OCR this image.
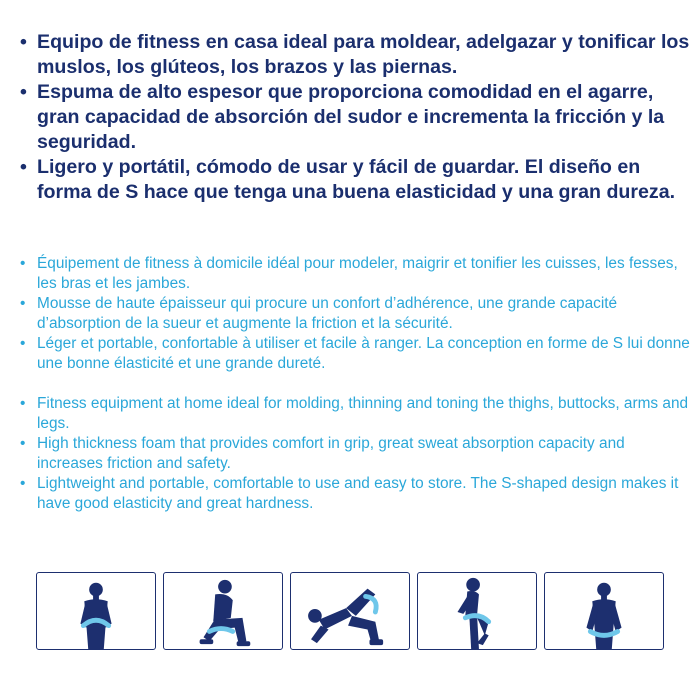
• Equipo de fitness en casa ideal para moldear, adelgazar y tonificar los muslos, los glúteos, los brazos y las piernas.
• Espuma de alto espesor que proporciona comodidad en el agarre, gran capacidad de absorción del sudor e incrementa la fricción y la seguridad.
• Ligero y portátil, cómodo de usar y fácil de guardar. El diseño en forma de S hace que tenga una buena elasticidad y una gran dureza.
• Équipement de fitness à domicile idéal pour modeler, maigrir et tonifier les cuisses, les fesses, les bras et les jambes.
• Mousse de haute épaisseur qui procure un confort d’adhérence, une grande capacité d’absorption de la sueur et augmente la friction et la sécurité.
• Léger et portable, confortable à utiliser et facile à ranger. La conception en forme de S lui donne une bonne élasticité et une grande dureté.
• Fitness equipment at home ideal for molding, thinning and toning the thighs, buttocks, arms and legs.
• High thickness foam that provides comfort in grip, great sweat absorption capacity and increases friction and safety.
• Lightweight and portable, comfortable to use and easy to store. The S-shaped design makes it have good elasticity and great hardness.
